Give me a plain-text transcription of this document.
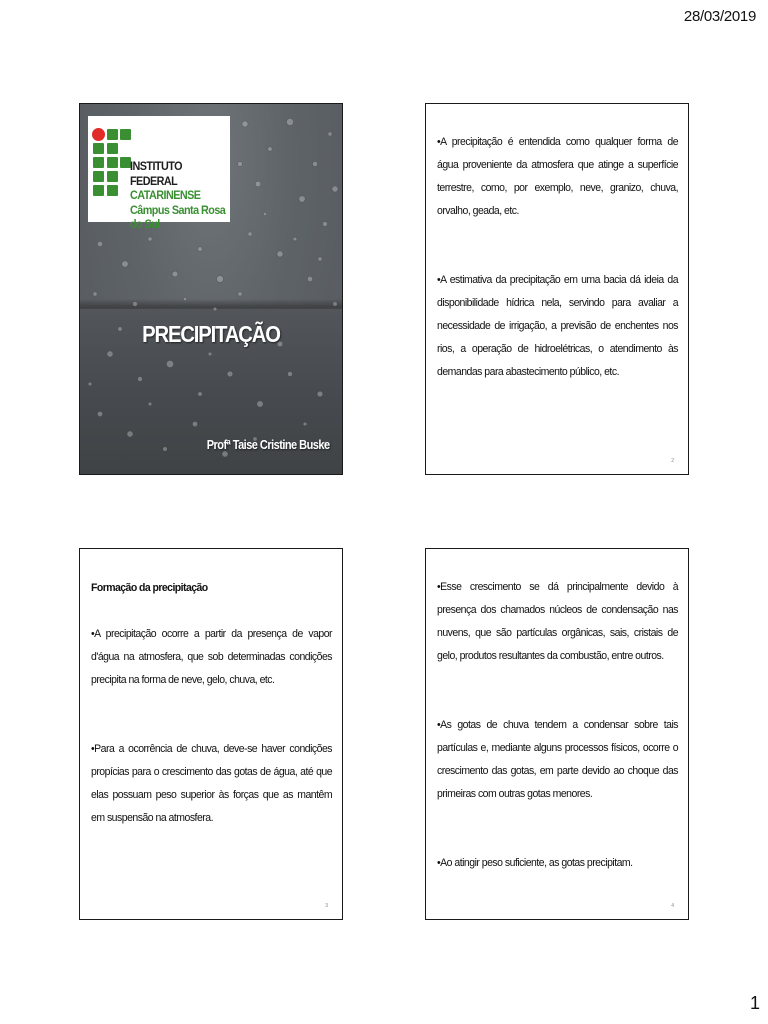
28/03/2019
INSTITUTO FEDERAL
CATARINENSE
Câmpus Santa Rosa do Sul
PRECIPITAÇÃO
Profª Taise Cristine Buske

•A precipitação é entendida como qualquer forma de água proveniente da atmosfera que atinge a superfície terrestre, como, por exemplo, neve, granizo, chuva, orvalho, geada, etc.

•A estimativa da precipitação em uma bacia dá ideia da disponibilidade hídrica nela, servindo para avaliar a necessidade de irrigação, a previsão de enchentes nos rios, a operação de hidroelétricas, o atendimento às demandas para abastecimento público, etc.

2

Formação da precipitação

•A precipitação ocorre a partir da presença de vapor d'água na atmosfera, que sob determinadas condições precipita na forma de neve, gelo, chuva, etc.

•Para a ocorrência de chuva, deve-se haver condições propícias para o crescimento das gotas de água, até que elas possuam peso superior às forças que as mantêm em suspensão na atmosfera.

3

•Esse crescimento se dá principalmente devido à presença dos chamados núcleos de condensação nas nuvens, que são partículas orgânicas, sais, cristais de gelo, produtos resultantes da combustão, entre outros.

•As gotas de chuva tendem a condensar sobre tais partículas e, mediante alguns processos físicos, ocorre o crescimento das gotas, em parte devido ao choque das primeiras com outras gotas menores.

•Ao atingir peso suficiente, as gotas precipitam.

4
1
